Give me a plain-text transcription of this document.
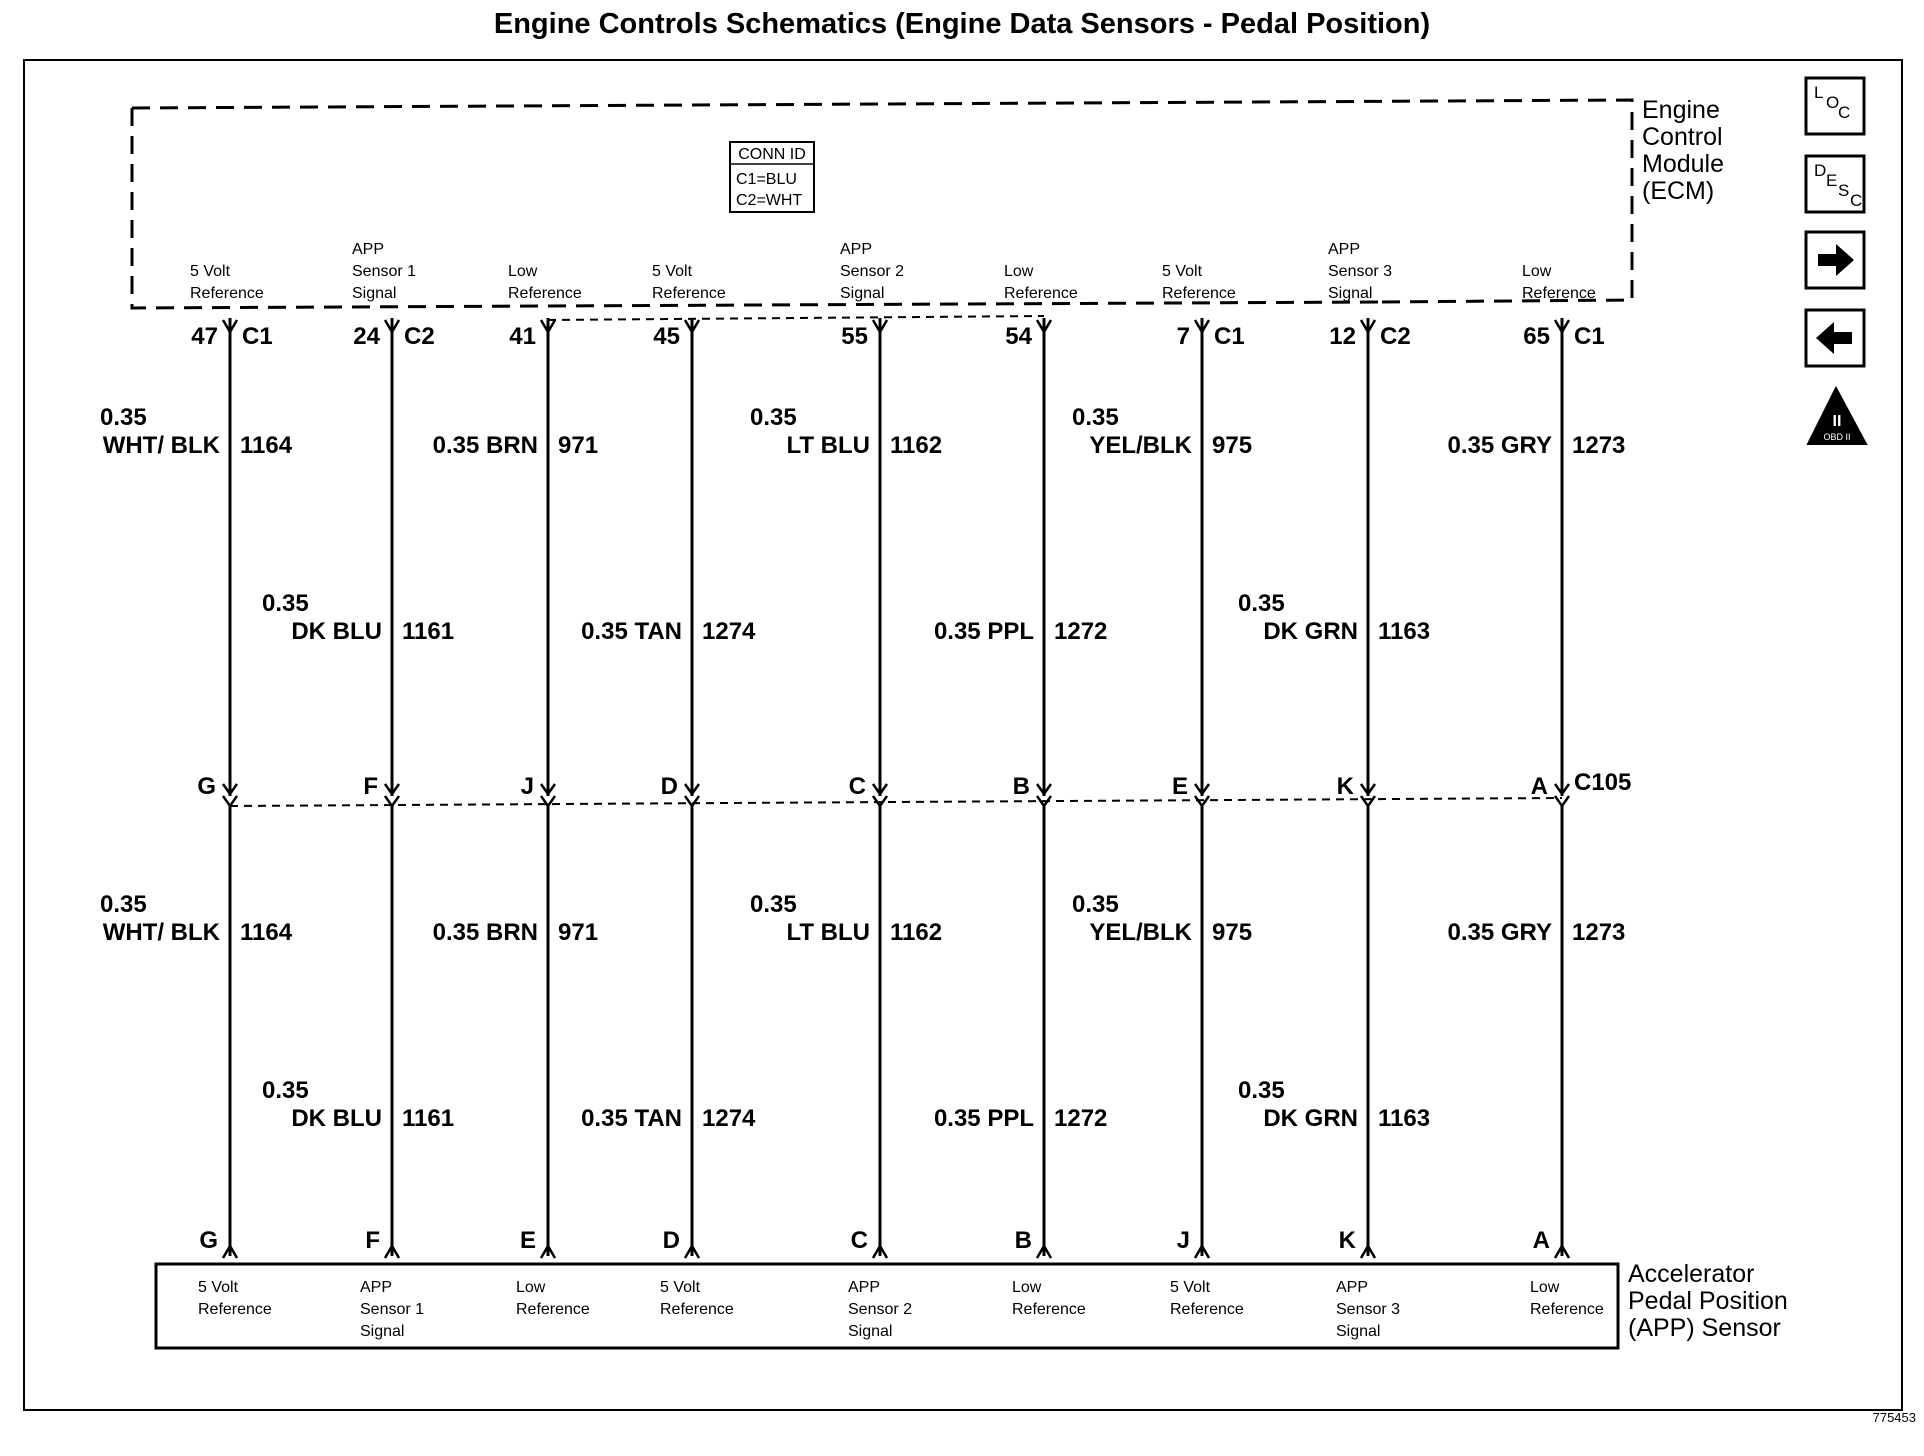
Engine Controls Schematics (Engine Data Sensors - Pedal Position)
CONN ID
C1=BLU
C2=WHT
5 Volt
Reference
47 C1
0.35
WHT/ BLK 1164
G
0.35
WHT/ BLK 1164
G
5 Volt
Reference
APP
Sensor 1
Signal
24 C2
0.35
DK BLU 1161
F
0.35
DK BLU 1161
F
APP
Sensor 1
Signal
Low
Reference
41
0.35 BRN 971
J
0.35 BRN 971
E
Low
Reference
5 Volt
Reference
45
0.35 TAN 1274
D
0.35 TAN 1274
D
5 Volt
Reference
APP
Sensor 2
Signal
55
0.35
LT BLU 1162
C
0.35
LT BLU 1162
C
APP
Sensor 2
Signal
Low
Reference
54
0.35 PPL 1272
B
0.35 PPL 1272
B
Low
Reference
5 Volt
Reference
7 C1
0.35
YEL/BLK 975
E
0.35
YEL/BLK 975
J
5 Volt
Reference
APP
Sensor 3
Signal
12 C2
0.35
DK GRN 1163
K
0.35
DK GRN 1163
K
APP
Sensor 3
Signal
Low
Reference
65 C1
0.35 GRY 1273
A
0.35 GRY 1273
A
Low
Reference
Engine
Control
Module
(ECM)
Accelerator
Pedal Position
(APP) Sensor
C105
775453
L
O
C
D
E
S
C
II
OBD II
